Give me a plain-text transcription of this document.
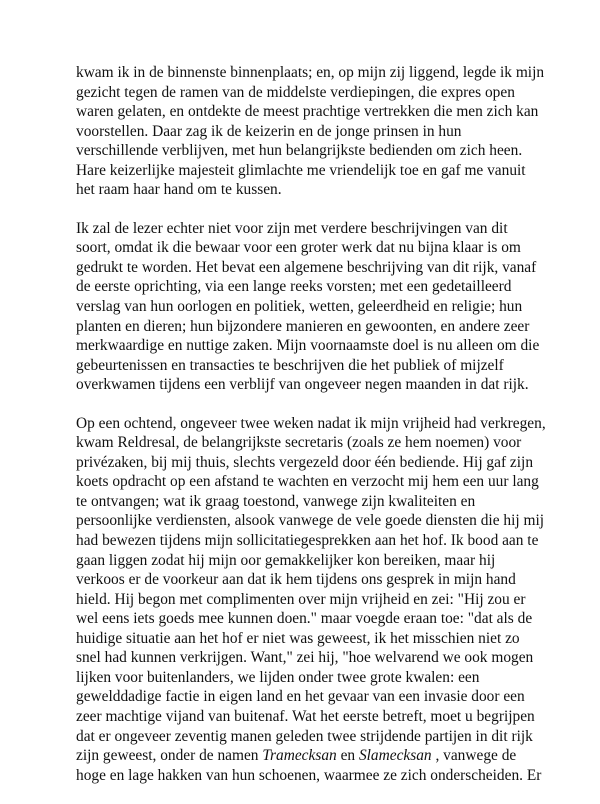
kwam ik in de binnenste binnenplaats; en, op mijn zij liggend, legde ik mijn
gezicht tegen de ramen van de middelste verdiepingen, die expres open
waren gelaten, en ontdekte de meest prachtige vertrekken die men zich kan
voorstellen. Daar zag ik de keizerin en de jonge prinsen in hun
verschillende verblijven, met hun belangrijkste bedienden om zich heen.
Hare keizerlijke majesteit glimlachte me vriendelijk toe en gaf me vanuit
het raam haar hand om te kussen.

Ik zal de lezer echter niet voor zijn met verdere beschrijvingen van dit
soort, omdat ik die bewaar voor een groter werk dat nu bijna klaar is om
gedrukt te worden. Het bevat een algemene beschrijving van dit rijk, vanaf
de eerste oprichting, via een lange reeks vorsten; met een gedetailleerd
verslag van hun oorlogen en politiek, wetten, geleerdheid en religie; hun
planten en dieren; hun bijzondere manieren en gewoonten, en andere zeer
merkwaardige en nuttige zaken. Mijn voornaamste doel is nu alleen om die
gebeurtenissen en transacties te beschrijven die het publiek of mijzelf
overkwamen tijdens een verblijf van ongeveer negen maanden in dat rijk.

Op een ochtend, ongeveer twee weken nadat ik mijn vrijheid had verkregen,
kwam Reldresal, de belangrijkste secretaris (zoals ze hem noemen) voor
privézaken, bij mij thuis, slechts vergezeld door één bediende. Hij gaf zijn
koets opdracht op een afstand te wachten en verzocht mij hem een uur lang
te ontvangen; wat ik graag toestond, vanwege zijn kwaliteiten en
persoonlijke verdiensten, alsook vanwege de vele goede diensten die hij mij
had bewezen tijdens mijn sollicitatiegesprekken aan het hof. Ik bood aan te
gaan liggen zodat hij mijn oor gemakkelijker kon bereiken, maar hij
verkoos er de voorkeur aan dat ik hem tijdens ons gesprek in mijn hand
hield. Hij begon met complimenten over mijn vrijheid en zei: "Hij zou er
wel eens iets goeds mee kunnen doen." maar voegde eraan toe: "dat als de
huidige situatie aan het hof er niet was geweest, ik het misschien niet zo
snel had kunnen verkrijgen. Want," zei hij, "hoe welvarend we ook mogen
lijken voor buitenlanders, we lijden onder twee grote kwalen: een
gewelddadige factie in eigen land en het gevaar van een invasie door een
zeer machtige vijand van buitenaf. Wat het eerste betreft, moet u begrijpen
dat er ongeveer zeventig manen geleden twee strijdende partijen in dit rijk
zijn geweest, onder de namen Tramecksan en Slamecksan , vanwege de
hoge en lage hakken van hun schoenen, waarmee ze zich onderscheiden. Er
